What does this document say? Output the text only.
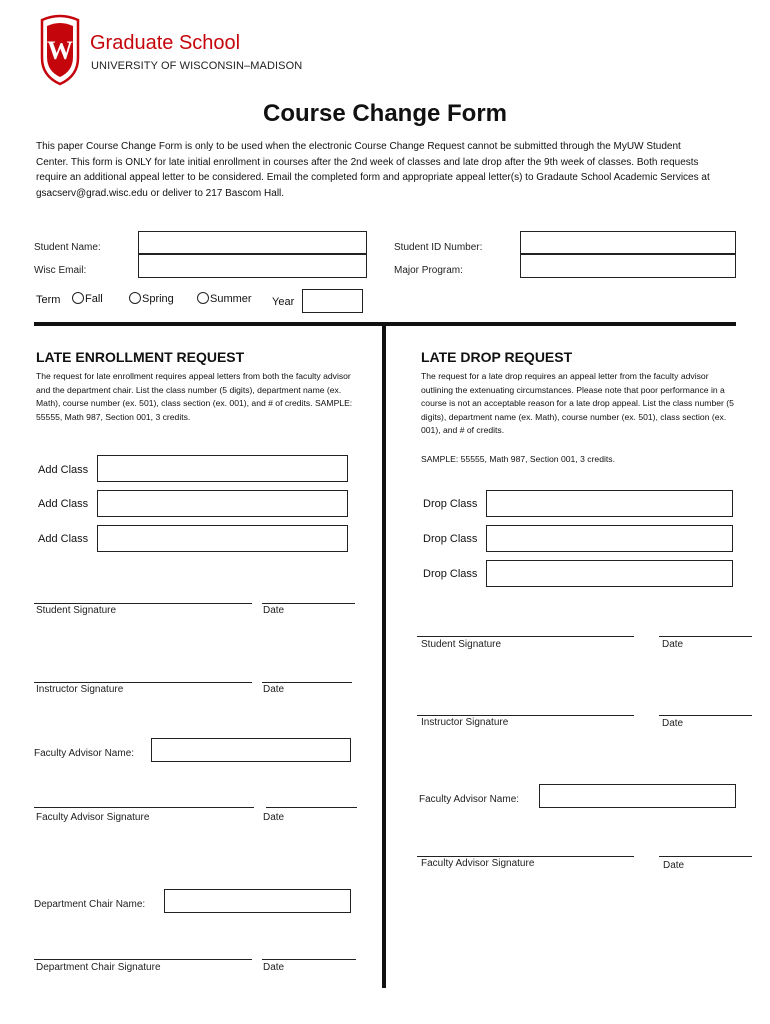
W Graduate School
UNIVERSITY OF WISCONSIN–MADISON
Course Change Form
This paper Course Change Form is only to be used when the electronic Course Change Request cannot be submitted through the MyUW Student Center. This form is ONLY for late initial enrollment in courses after the 2nd week of classes and late drop after the 9th week of classes. Both requests require an additional appeal letter to be considered. Email the completed form and appropriate appeal letter(s) to Gradaute School Academic Services at gsacserv@grad.wisc.edu or deliver to 217 Bascom Hall.
Student Name:	Student ID Number:
Wisc Email:	Major Program:
Term Fall	Spring	Summer Year
LATE ENROLLMENT REQUEST
The request for late enrollment requires appeal letters from both the faculty advisor and the department chair. List the class number (5 digits), department name (ex. Math), course number (ex. 501), class section (ex. 001), and # of credits. SAMPLE: 55555, Math 987, Section 001, 3 credits.
Add Class
Add Class
Add Class
Student Signature	Date
Instructor Signature	Date
Faculty Advisor Name:
Faculty Advisor Signature	Date
Department Chair Name:
Department Chair Signature	Date
LATE DROP REQUEST
The request for a late drop requires an appeal letter from the faculty advisor outlining the extenuating circumstances. Please note that poor performance in a course is not an acceptable reason for a late drop appeal. List the class number (5 digits), department name (ex. Math), course number (ex. 501), class section (ex. 001), and # of credits.
SAMPLE: 55555, Math 987, Section 001, 3 credits.
Drop Class
Drop Class
Drop Class
Student Signature	Date
Instructor Signature	Date
Faculty Advisor Name:
Faculty Advisor Signature	Date
